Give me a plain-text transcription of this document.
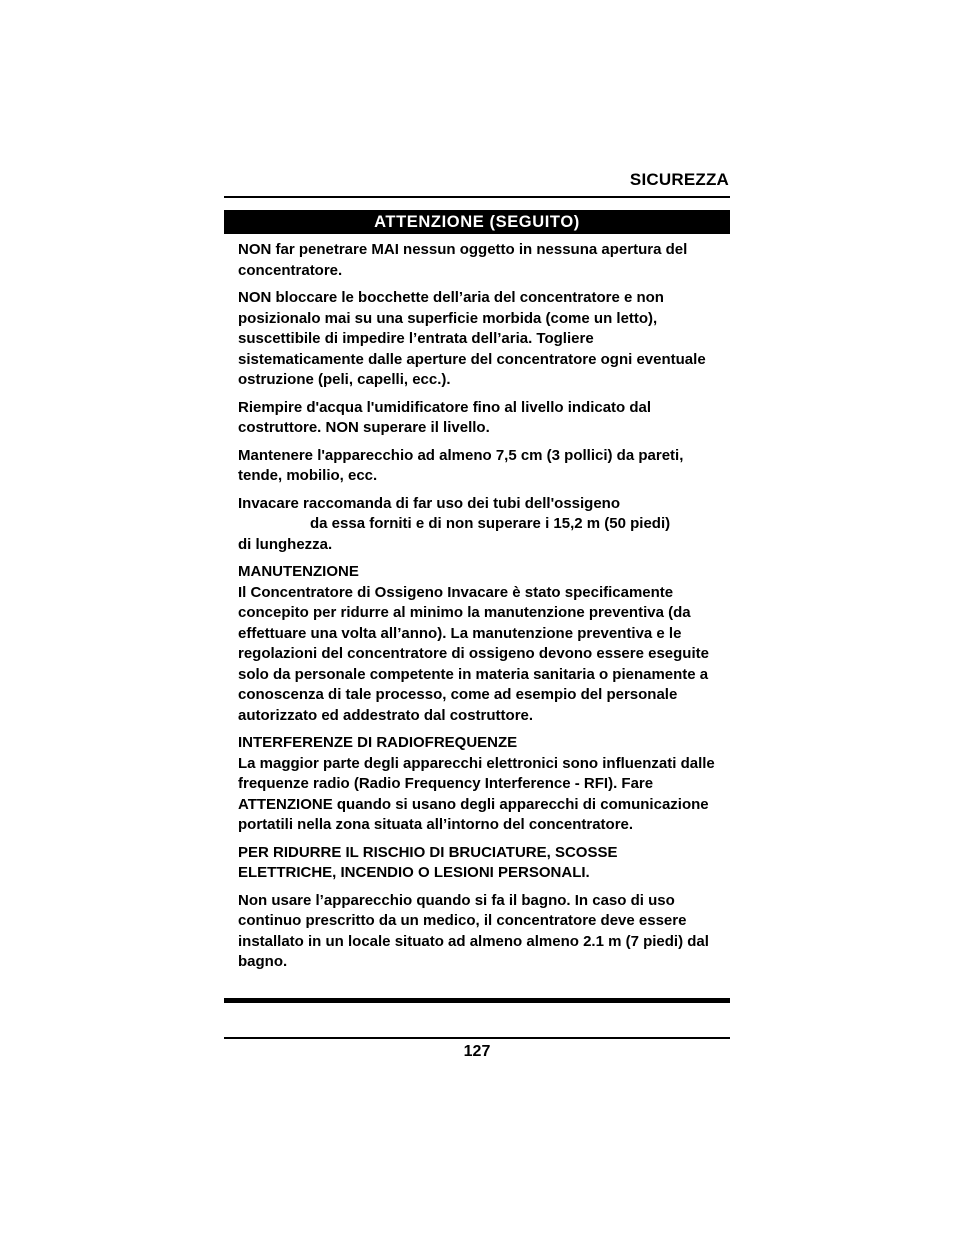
SICUREZZA
ATTENZIONE (SEGUITO)

NON far penetrare MAI nessun oggetto in nessuna apertura del concentratore.

NON bloccare le bocchette dell’aria del concentratore e non posizionalo mai su una superficie morbida (come un letto), suscettibile di impedire l’entrata dell’aria. Togliere sistematicamente dalle aperture del concentratore ogni eventuale ostruzione (peli, capelli, ecc.).

Riempire d'acqua l'umidificatore fino al livello indicato dal costruttore. NON superare il livello.

Mantenere l'apparecchio ad almeno 7,5 cm (3 pollici) da pareti, tende, mobilio, ecc.

Invacare raccomanda di far uso dei tubi dell'ossigeno
da essa forniti e di non superare i 15,2 m (50 piedi)
di lunghezza.

MANUTENZIONE

Il Concentratore di Ossigeno Invacare è stato specificamente concepito per ridurre al minimo la manutenzione preventiva (da effettuare una volta all’anno). La manutenzione preventiva e le regolazioni del concentratore di ossigeno devono essere eseguite solo da personale competente in materia sanitaria o pienamente a conoscenza di tale processo, come ad esempio del personale autorizzato ed addestrato dal costruttore.

INTERFERENZE DI RADIOFREQUENZE

La maggior parte degli apparecchi elettronici sono influenzati dalle frequenze radio (Radio Frequency Interference - RFI). Fare ATTENZIONE quando si usano degli apparecchi di comunicazione portatili nella zona situata all’intorno del concentratore.

PER RIDURRE IL RISCHIO DI BRUCIATURE, SCOSSE ELETTRICHE, INCENDIO O LESIONI PERSONALI.

Non usare l’apparecchio quando si fa il bagno. In caso di uso continuo prescritto da un medico, il concentratore deve essere installato in un locale situato ad almeno almeno 2.1 m (7 piedi) dal bagno.

127
